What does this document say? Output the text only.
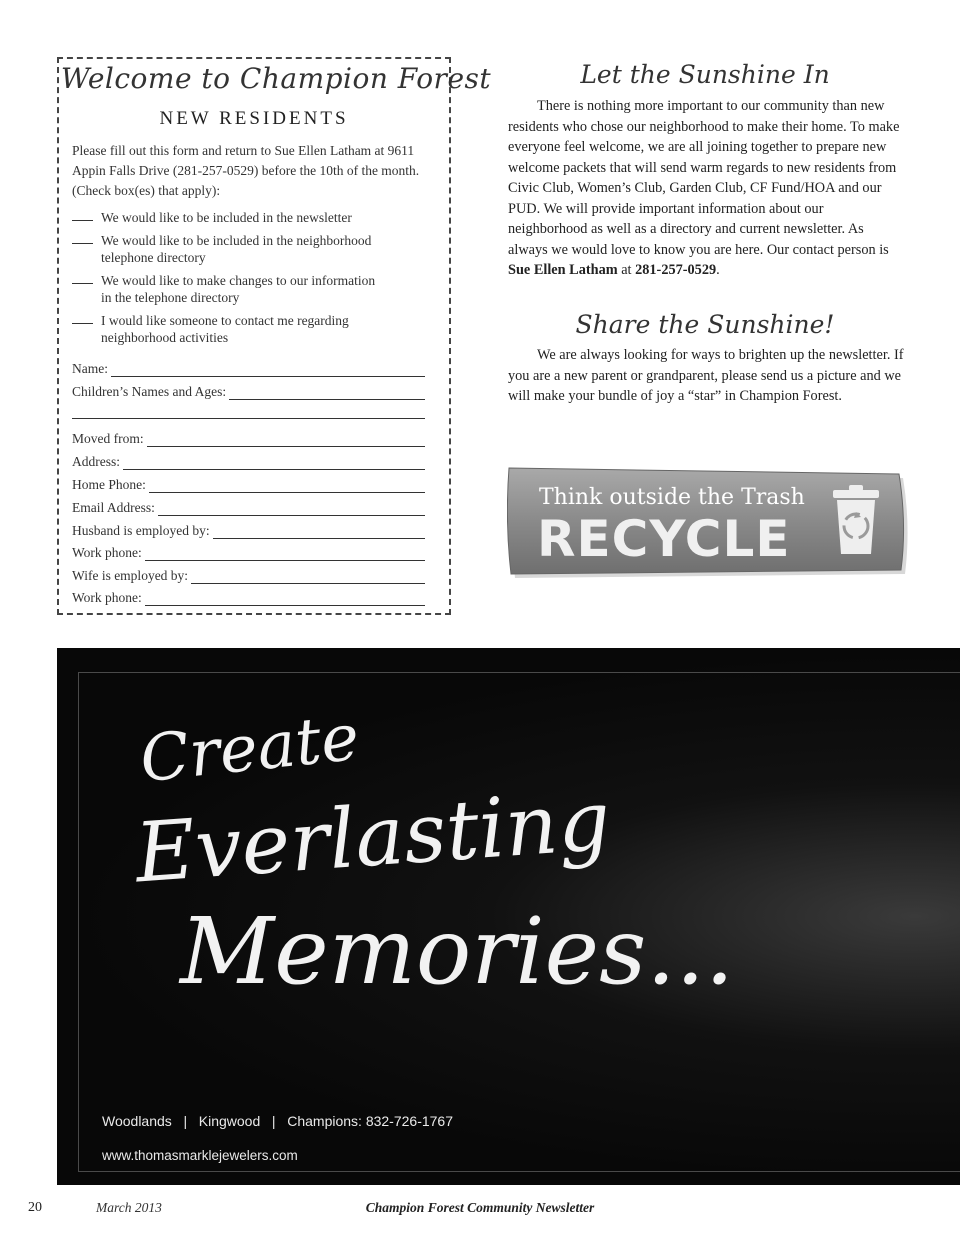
Welcome to Champion Forest
NEW RESIDENTS
Please fill out this form and return to Sue Ellen Latham at 9611 Appin Falls Drive (281-257-0529) before the 10th of the month. (Check box(es) that apply):
We would like to be included in the newsletter
We would like to be included in the neighborhood
telephone directory
We would like to make changes to our information
in the telephone directory
I would like someone to contact me regarding
neighborhood activities
Name:
Children’s Names and Ages:
Moved from:
Address:
Home Phone:
Email Address:
Husband is employed by:
Work phone:
Wife is employed by:
Work phone:
Let the Sunshine In
There is nothing more important to our community than new residents who chose our neighborhood to make their home. To make everyone feel welcome, we are all joining together to prepare new welcome packets that will send warm regards to new residents from Civic Club, Women’s Club, Garden Club, CF Fund/HOA and our PUD. We will provide important information about our neighborhood as well as a directory and current newsletter. As always we would love to know you are here. Our contact person is Sue Ellen Latham at 281-257-0529.
Share the Sunshine!
We are always looking for ways to brighten up the newsletter. If you are a new parent or grandparent, please send us a picture and we will make your bundle of joy a “star” in Champion Forest.
Think outside the Trash
RECYCLE
Create
Everlasting
Memories...
Woodlands   |   Kingwood   |   Champions: 832-726-1767
www.thomasmarklejewelers.com
20	March 2013	Champion Forest Community Newsletter
